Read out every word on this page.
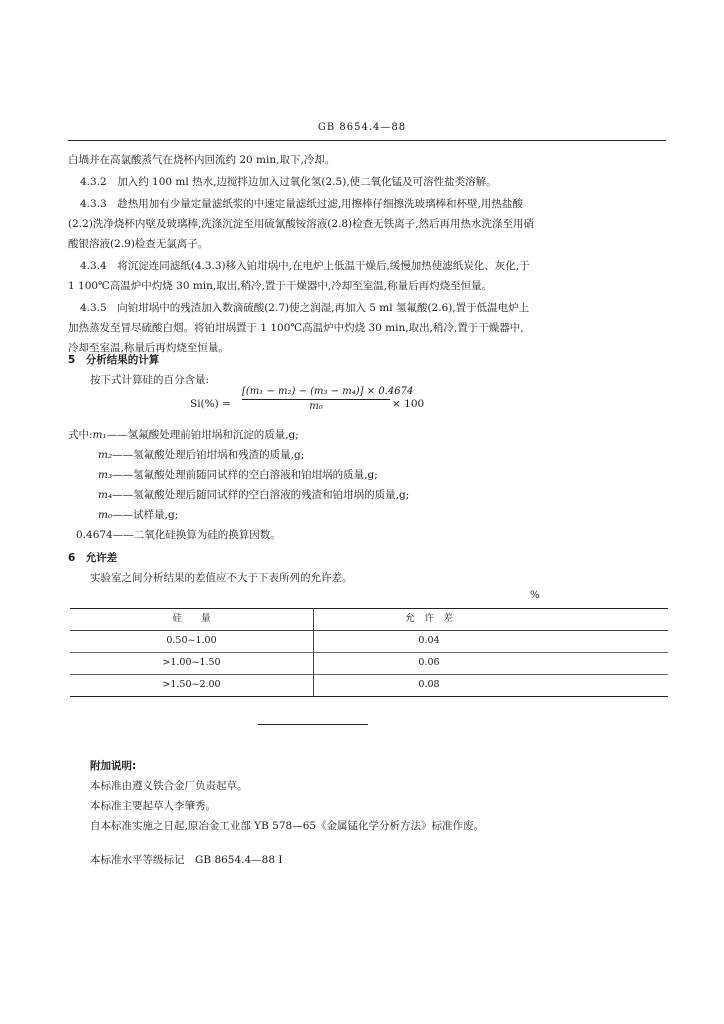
GB 8654.4—88
白堝并在高氯酸蒸气在烧杯内回流约 20 min,取下,冷却。
4.3.2　加入约 100 ml 热水,边搅拌边加入过氧化氢(2.5),使二氧化锰及可溶性盐类溶解。
4.3.3　趁热用加有少量定量滤纸浆的中速定量滤纸过滤,用擦棒仔细擦洗玻璃棒和杯壁,用热盐酸
(2.2)洗净烧杯内壁及玻璃棒,洗涤沉淀至用硫氰酸铵溶液(2.8)检查无铁离子,然后再用热水洗涤至用硝
酸银溶液(2.9)检查无氯离子。
4.3.4　将沉淀连同滤纸(4.3.3)移入铂坩埚中,在电炉上低温干燥后,缓慢加热使滤纸炭化、灰化,于
1 100℃高温炉中灼烧 30 min,取出,稍冷,置于干燥器中,冷却至室温,称量后再灼烧至恒量。
4.3.5　向铂坩埚中的残渣加入数滴硫酸(2.7)使之润湿,再加入 5 ml 氢氟酸(2.6),置于低温电炉上
加热蒸发至冒尽硫酸白烟。将铂坩埚置于 1 100℃高温炉中灼烧 30 min,取出,稍冷,置于干燥器中,
冷却至室温,称量后再灼烧至恒量。
5　分析结果的计算
按下式计算硅的百分含量:
Si(%) =
[(m₁ − m₂) − (m₃ − m₄)] × 0.4674
m₀	× 100
式中:m₁——氢氟酸处理前铂坩埚和沉淀的质量,g;
m₂——氢氟酸处理后铂坩埚和残渣的质量,g;
m₃——氢氟酸处理前随同试样的空白溶液和铂坩埚的质量,g;
m₄——氢氟酸处理后随同试样的空白溶液的残渣和铂坩埚的质量,g;
m₀——试样量,g;
0.4674——二氧化硅换算为硅的换算因数。
6　允许差
实验室之间分析结果的差值应不大于下表所列的允许差。
%
硅　　量	允　许　差
0.50~1.00	0.04
>1.00~1.50	0.06
>1.50~2.00	0.08
附加说明:
本标准由遵义铁合金厂负责起草。
本标准主要起草人李肇秀。
自本标准实施之日起,原冶金工业部 YB 578—65《金属锰化学分析方法》标准作废。
本标准水平等级标记　GB 8654.4—88 I
